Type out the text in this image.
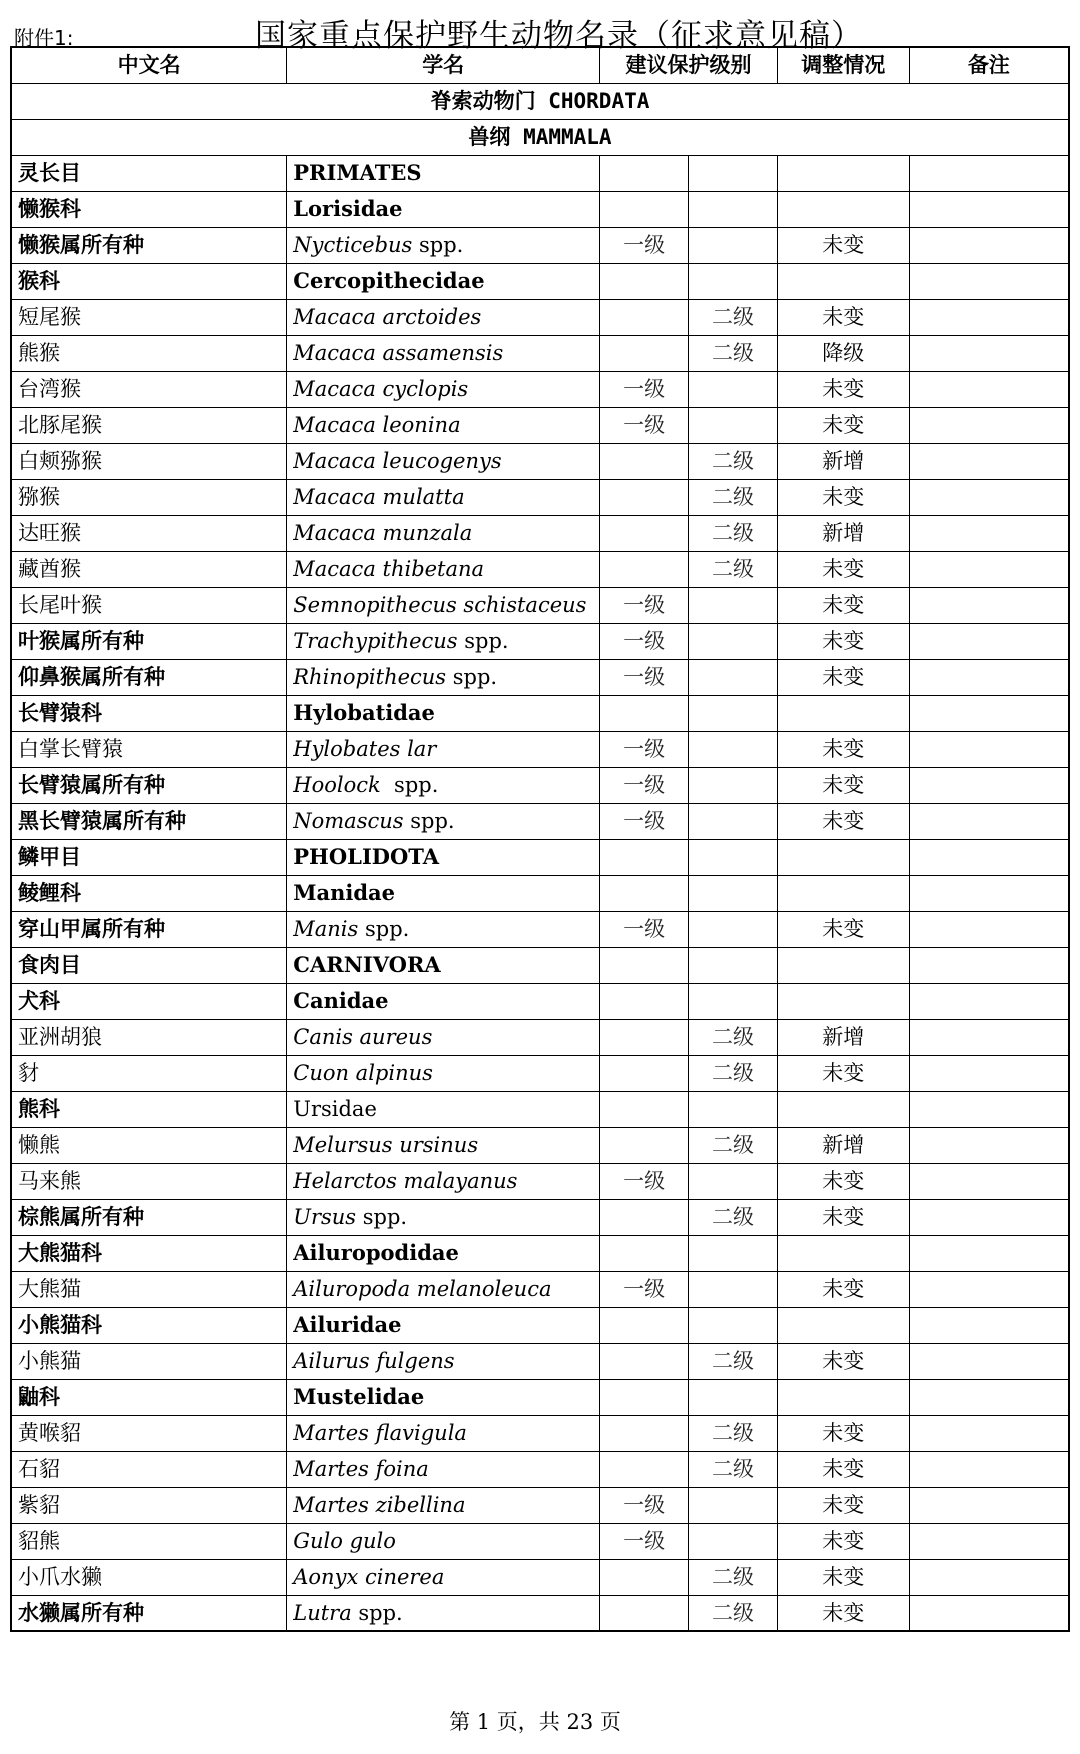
附件1:	国家重点保护野生动物名录（征求意见稿）
中文名	学名	建议保护级别		调整情况	备注
脊索动物门 CHORDATA					
兽纲 MAMMALA					
灵长目	PRIMATES				
懒猴科	Lorisidae				
懒猴属所有种	Nycticebus spp.	一级		未变	
猴科	Cercopithecidae				
短尾猴	Macaca arctoides		二级	未变	
熊猴	Macaca assamensis		二级	降级	
台湾猴	Macaca cyclopis	一级		未变	
北豚尾猴	Macaca leonina	一级		未变	
白颊猕猴	Macaca leucogenys		二级	新增	
猕猴	Macaca mulatta		二级	未变	
达旺猴	Macaca munzala		二级	新增	
藏酋猴	Macaca thibetana		二级	未变	
长尾叶猴	Semnopithecus schistaceus	一级		未变	
叶猴属所有种	Trachypithecus spp.	一级		未变	
仰鼻猴属所有种	Rhinopithecus spp.	一级		未变	
长臂猿科	Hylobatidae				
白掌长臂猿	Hylobates lar	一级		未变	
长臂猿属所有种	Hoolock  spp.	一级		未变	
黑长臂猿属所有种	Nomascus spp.	一级		未变	
鳞甲目	PHOLIDOTA				
鲮鲤科	Manidae				
穿山甲属所有种	Manis spp.	一级		未变	
食肉目	CARNIVORA				
犬科	Canidae				
亚洲胡狼	Canis aureus		二级	新增	
豺	Cuon alpinus		二级	未变	
熊科	Ursidae				
懒熊	Melursus ursinus		二级	新增	
马来熊	Helarctos malayanus	一级		未变	
棕熊属所有种	Ursus spp.		二级	未变	
大熊猫科	Ailuropodidae				
大熊猫	Ailuropoda melanoleuca	一级		未变	
小熊猫科	Ailuridae				
小熊猫	Ailurus fulgens		二级	未变	
鼬科	Mustelidae				
黄喉貂	Martes flavigula		二级	未变	
石貂	Martes foina		二级	未变	
紫貂	Martes zibellina	一级		未变	
貂熊	Gulo gulo	一级		未变	
小爪水獭	Aonyx cinerea		二级	未变	
水獭属所有种	Lutra spp.		二级	未变	
第 1 页，共 23 页
